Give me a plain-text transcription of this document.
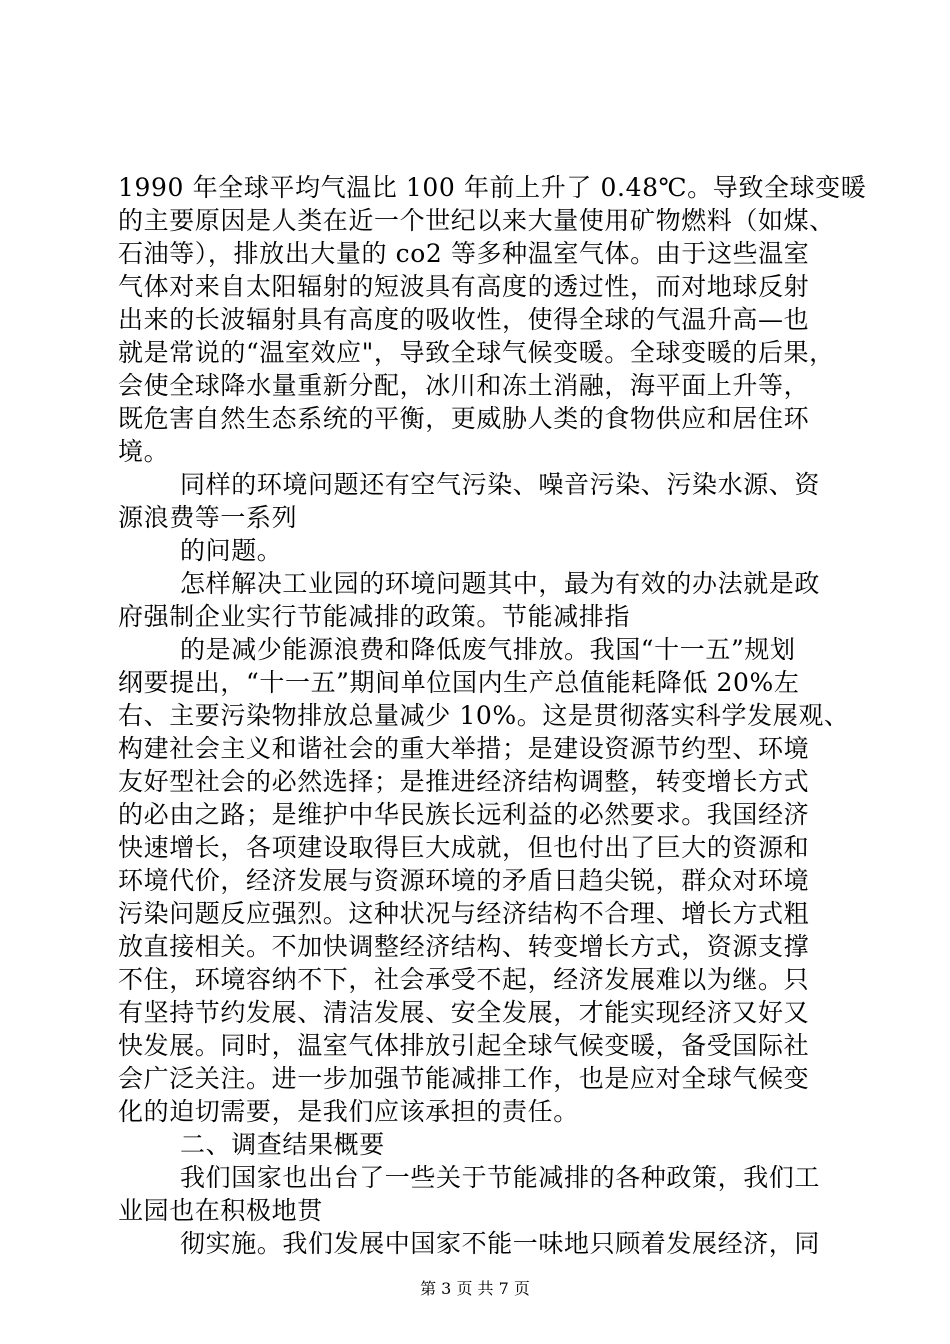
1990 年全球平均气温比 100 年前上升了 0.48℃。导致全球变暖
的主要原因是人类在近一个世纪以来大量使用矿物燃料（如煤、
石油等），排放出大量的 co2 等多种温室气体。由于这些温室
气体对来自太阳辐射的短波具有高度的透过性，而对地球反射
出来的长波辐射具有高度的吸收性，使得全球的气温升高—也
就是常说的“温室效应"，导致全球气候变暖。全球变暖的后果，
会使全球降水量重新分配，冰川和冻土消融，海平面上升等，
既危害自然生态系统的平衡，更威胁人类的食物供应和居住环
境。
同样的环境问题还有空气污染、噪音污染、污染水源、资
源浪费等一系列
的问题。
怎样解决工业园的环境问题其中，最为有效的办法就是政
府强制企业实行节能减排的政策。节能减排指
的是减少能源浪费和降低废气排放。我国“十一五”规划
纲要提出，“十一五”期间单位国内生产总值能耗降低 20%左
右、主要污染物排放总量减少 10%。这是贯彻落实科学发展观、
构建社会主义和谐社会的重大举措；是建设资源节约型、环境
友好型社会的必然选择；是推进经济结构调整，转变增长方式
的必由之路；是维护中华民族长远利益的必然要求。我国经济
快速增长，各项建设取得巨大成就，但也付出了巨大的资源和
环境代价，经济发展与资源环境的矛盾日趋尖锐，群众对环境
污染问题反应强烈。这种状况与经济结构不合理、增长方式粗
放直接相关。不加快调整经济结构、转变增长方式，资源支撑
不住，环境容纳不下，社会承受不起，经济发展难以为继。只
有坚持节约发展、清洁发展、安全发展，才能实现经济又好又
快发展。同时，温室气体排放引起全球气候变暖，备受国际社
会广泛关注。进一步加强节能减排工作，也是应对全球气候变
化的迫切需要，是我们应该承担的责任。
二、调查结果概要
我们国家也出台了一些关于节能减排的各种政策，我们工
业园也在积极地贯
彻实施。我们发展中国家不能一味地只顾着发展经济，同
第 3 页 共 7 页
